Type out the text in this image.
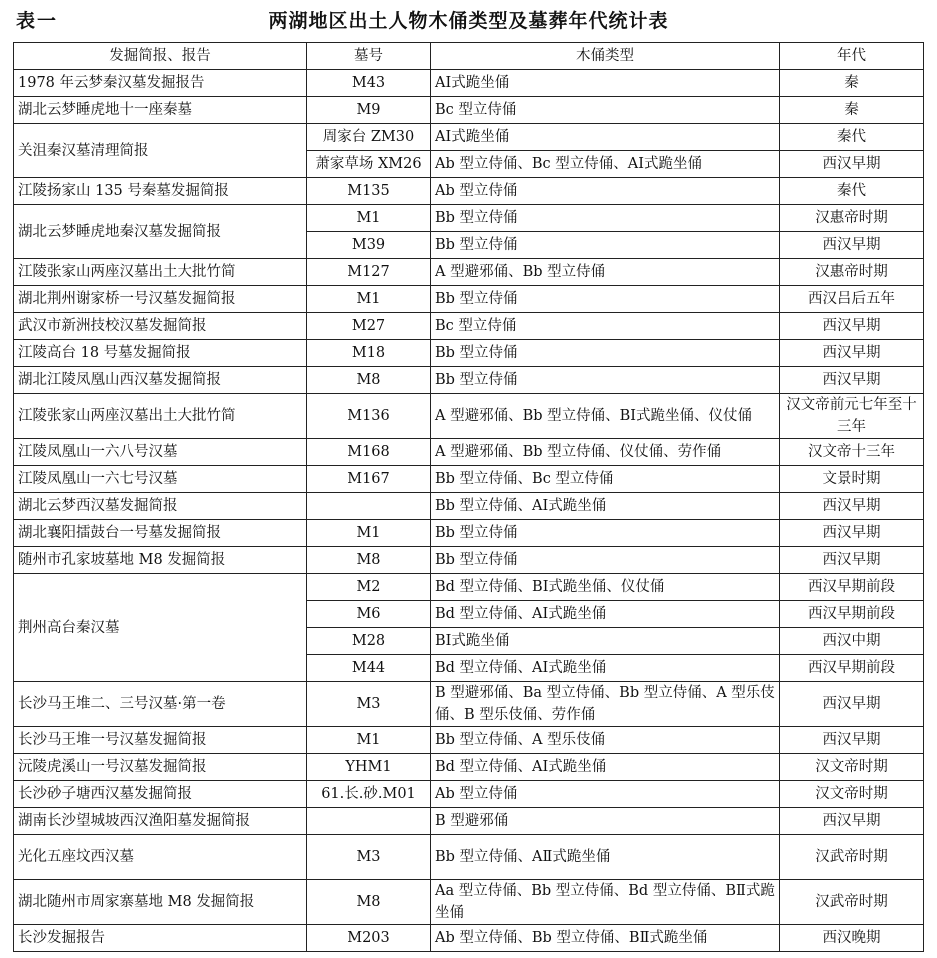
表一	两湖地区出土人物木俑类型及墓葬年代统计表
发掘简报、报告	墓号	木俑类型	年代
1978 年云梦秦汉墓发掘报告	M43	AⅠ式跪坐俑	秦
湖北云梦睡虎地十一座秦墓	M9	Bc 型立侍俑	秦
关沮秦汉墓清理简报	周家台 ZM30	AⅠ式跪坐俑	秦代
	萧家草场 XM26	Ab 型立侍俑、Bc 型立侍俑、AⅠ式跪坐俑	西汉早期
江陵扬家山 135 号秦墓发掘简报	M135	Ab 型立侍俑	秦代
湖北云梦睡虎地秦汉墓发掘简报	M1	Bb 型立侍俑	汉惠帝时期
	M39	Bb 型立侍俑	西汉早期
江陵张家山两座汉墓出土大批竹简	M127	A 型避邪俑、Bb 型立侍俑	汉惠帝时期
湖北荆州谢家桥一号汉墓发掘简报	M1	Bb 型立侍俑	西汉吕后五年
武汉市新洲技校汉墓发掘简报	M27	Bc 型立侍俑	西汉早期
江陵高台 18 号墓发掘简报	M18	Bb 型立侍俑	西汉早期
湖北江陵凤凰山西汉墓发掘简报	M8	Bb 型立侍俑	西汉早期
江陵张家山两座汉墓出土大批竹简	M136	A 型避邪俑、Bb 型立侍俑、BⅠ式跪坐俑、仪仗俑	汉文帝前元七年至十三年
江陵凤凰山一六八号汉墓	M168	A 型避邪俑、Bb 型立侍俑、仪仗俑、劳作俑	汉文帝十三年
江陵凤凰山一六七号汉墓	M167	Bb 型立侍俑、Bc 型立侍俑	文景时期
湖北云梦西汉墓发掘简报		Bb 型立侍俑、AⅠ式跪坐俑	西汉早期
湖北襄阳擂鼓台一号墓发掘简报	M1	Bb 型立侍俑	西汉早期
随州市孔家坡墓地 M8 发掘简报	M8	Bb 型立侍俑	西汉早期
荆州高台秦汉墓	M2	Bd 型立侍俑、BⅠ式跪坐俑、仪仗俑	西汉早期前段
	M6	Bd 型立侍俑、AⅠ式跪坐俑	西汉早期前段
	M28	BⅠ式跪坐俑	西汉中期
	M44	Bd 型立侍俑、AⅠ式跪坐俑	西汉早期前段
长沙马王堆二、三号汉墓·第一卷	M3	B 型避邪俑、Ba 型立侍俑、Bb 型立侍俑、A 型乐伎俑、B 型乐伎俑、劳作俑	西汉早期
长沙马王堆一号汉墓发掘简报	M1	Bb 型立侍俑、A 型乐伎俑	西汉早期
沅陵虎溪山一号汉墓发掘简报	YHM1	Bd 型立侍俑、AⅠ式跪坐俑	汉文帝时期
长沙砂子塘西汉墓发掘简报	61.长.砂.M01	Ab 型立侍俑	汉文帝时期
湖南长沙望城坡西汉渔阳墓发掘简报		B 型避邪俑	西汉早期
光化五座坟西汉墓	M3	Bb 型立侍俑、AⅡ式跪坐俑	汉武帝时期
湖北随州市周家寨墓地 M8 发掘简报	M8	Aa 型立侍俑、Bb 型立侍俑、Bd 型立侍俑、BⅡ式跪坐俑	汉武帝时期
长沙发掘报告	M203	Ab 型立侍俑、Bb 型立侍俑、BⅡ式跪坐俑	西汉晚期
